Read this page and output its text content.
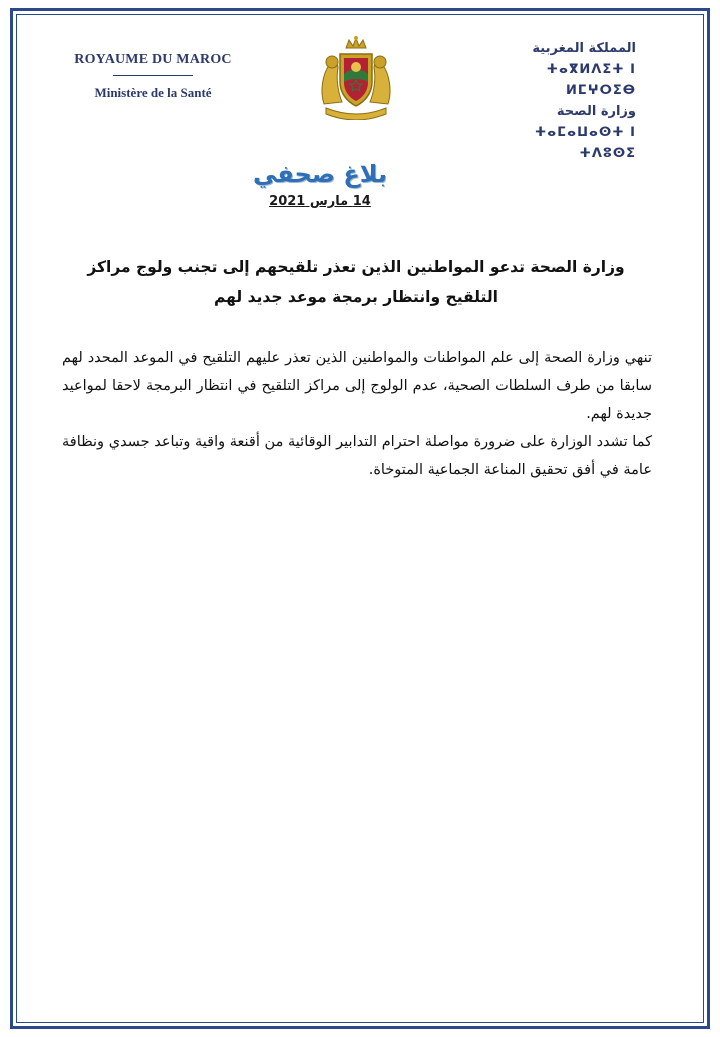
ROYAUME DU MAROC
Ministère de la Santé
المملكة المغربية
ⵜⴰⴳⵍⴷⵉⵜ ⵏ ⵍⵎⵖⵔⵉⴱ
وزارة الصحة
ⵜⴰⵎⴰⵡⴰⵙⵜ ⵏ ⵜⴷⵓⵙⵉ
بلاغ صحفي
14 مارس 2021
وزارة الصحة تدعو المواطنين الذين تعذر تلقيحهم إلى تجنب ولوج مراكز التلقيح وانتظار برمجة موعد جديد لهم

تنهي وزارة الصحة إلى علم المواطنات والمواطنين الذين تعذر عليهم التلقيح في الموعد المحدد لهم سابقا من طرف السلطات الصحية، عدم الولوج إلى مراكز التلقيح في انتظار البرمجة لاحقا لمواعيد جديدة لهم.

كما تشدد الوزارة على ضرورة مواصلة احترام التدابير الوقائية من أقنعة واقية وتباعد جسدي ونظافة عامة في أفق تحقيق المناعة الجماعية المتوخاة.
